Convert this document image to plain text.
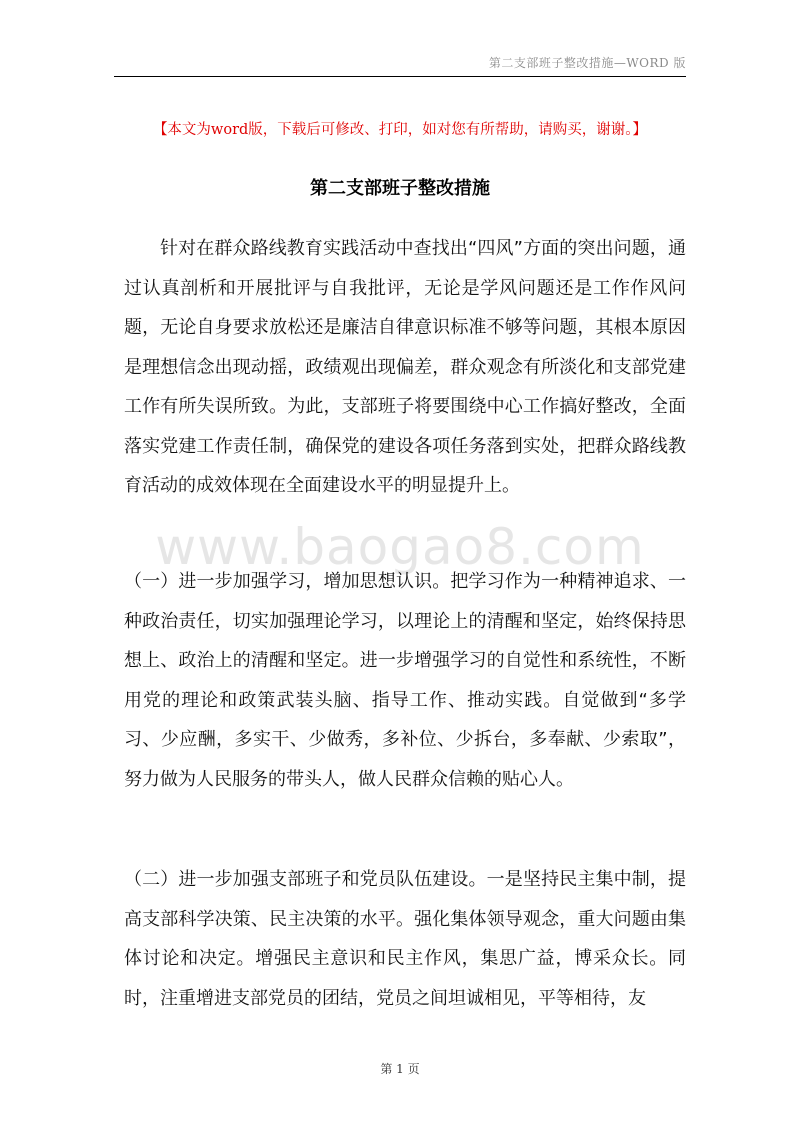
第二支部班子整改措施—WORD 版
【本文为word版，下载后可修改、打印，如对您有所帮助，请购买，谢谢。】
第二支部班子整改措施
www.baogao8.com

针对在群众路线教育实践活动中查找出“四风”方面的突出问题，通过认真剖析和开展批评与自我批评，无论是学风问题还是工作作风问题，无论自身要求放松还是廉洁自律意识标准不够等问题，其根本原因是理想信念出现动摇，政绩观出现偏差，群众观念有所淡化和支部党建工作有所失误所致。为此，支部班子将要围绕中心工作搞好整改，全面落实党建工作责任制，确保党的建设各项任务落到实处，把群众路线教育活动的成效体现在全面建设水平的明显提升上。

（一）进一步加强学习，增加思想认识。把学习作为一种精神追求、一种政治责任，切实加强理论学习，以理论上的清醒和坚定，始终保持思想上、政治上的清醒和坚定。进一步增强学习的自觉性和系统性，不断用党的理论和政策武装头脑、指导工作、推动实践。自觉做到“多学习、少应酬，多实干、少做秀，多补位、少拆台，多奉献、少索取”，努力做为人民服务的带头人，做人民群众信赖的贴心人。

（二）进一步加强支部班子和党员队伍建设。一是坚持民主集中制，提高支部科学决策、民主决策的水平。强化集体领导观念，重大问题由集体讨论和决定。增强民主意识和民主作风，集思广益，博采众长。同时，注重增进支部党员的团结，党员之间坦诚相见，平等相待，友

第 1 页
